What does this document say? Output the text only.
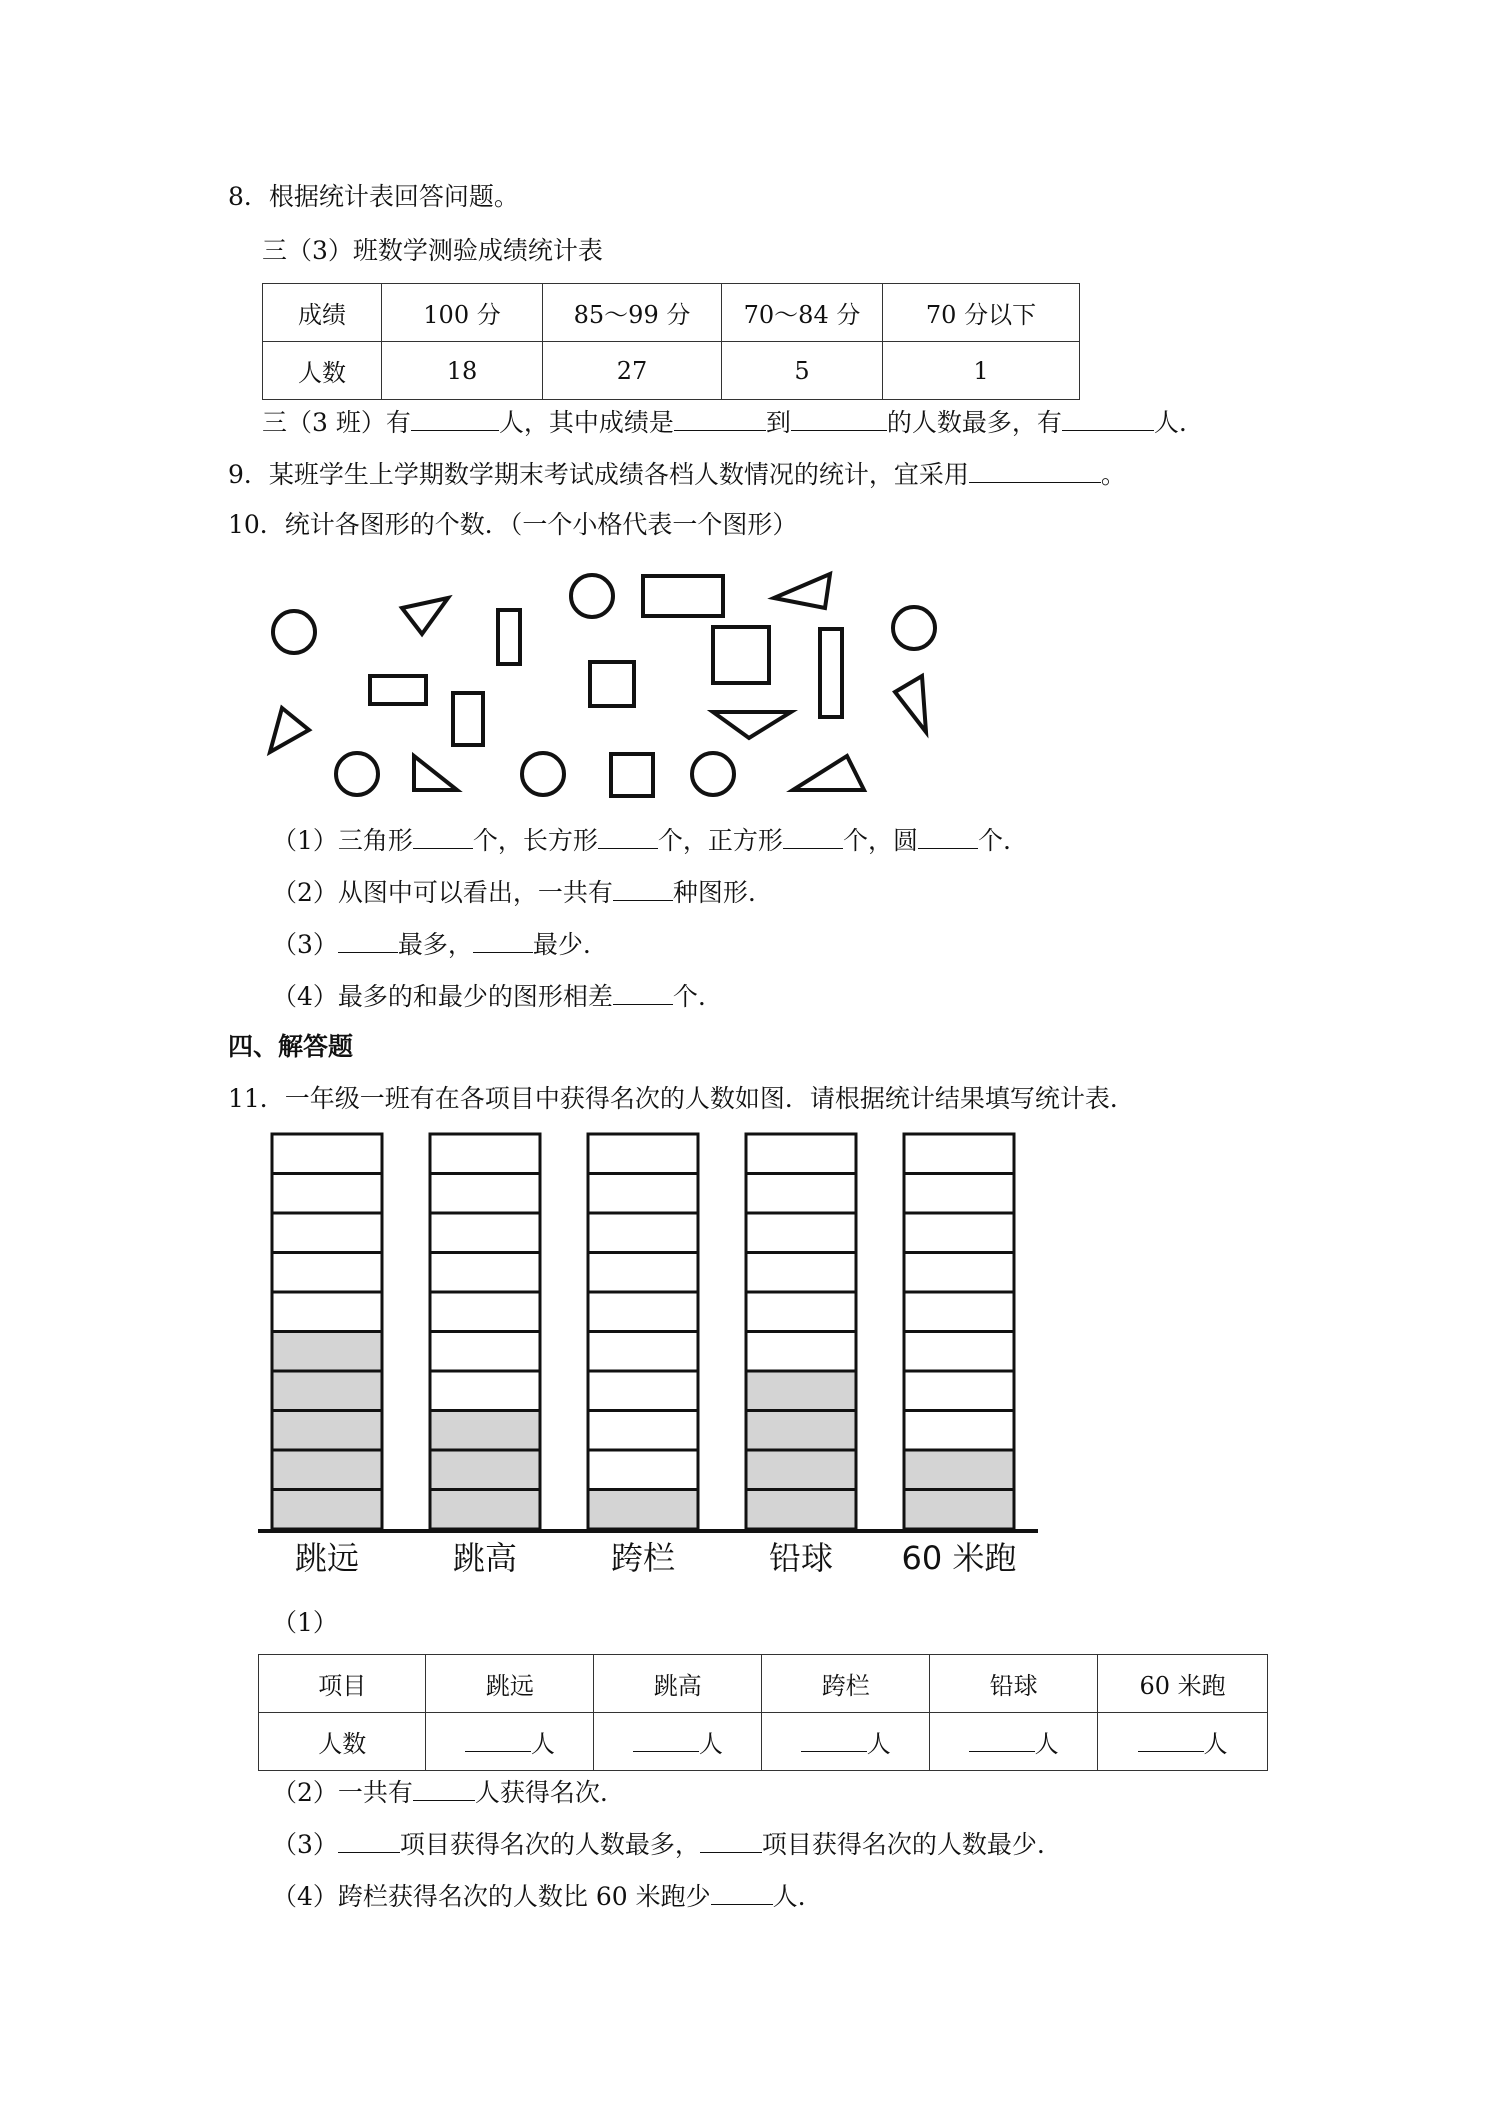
8．根据统计表回答问题。
三（3）班数学测验成绩统计表
成绩	100 分	85～99 分	70～84 分	70 分以下
人数	18	27	5	1
三（3 班）有	人，其中成绩是	到	的人数最多，有	人.
9．某班学生上学期数学期末考试成绩各档人数情况的统计，宜采用	。
10．统计各图形的个数．（一个小格代表一个图形）
（1）三角形 个，长方形 个，正方形 个，圆 个.
（2）从图中可以看出，一共有 种图形.
（3） 最多， 最少.
（4）最多的和最少的图形相差 个.
四、解答题
11．一年级一班有在各项目中获得名次的人数如图．请根据统计结果填写统计表．
跳远	跳高	跨栏	铅球 60 米跑
（1）
项目	跳远	跳高	跨栏	铅球	60 米跑
人数	人	人	人	人	人
（2）一共有 人获得名次.
（3） 项目获得名次的人数最多， 项目获得名次的人数最少.
（4）跨栏获得名次的人数比 60 米跑少 人.
